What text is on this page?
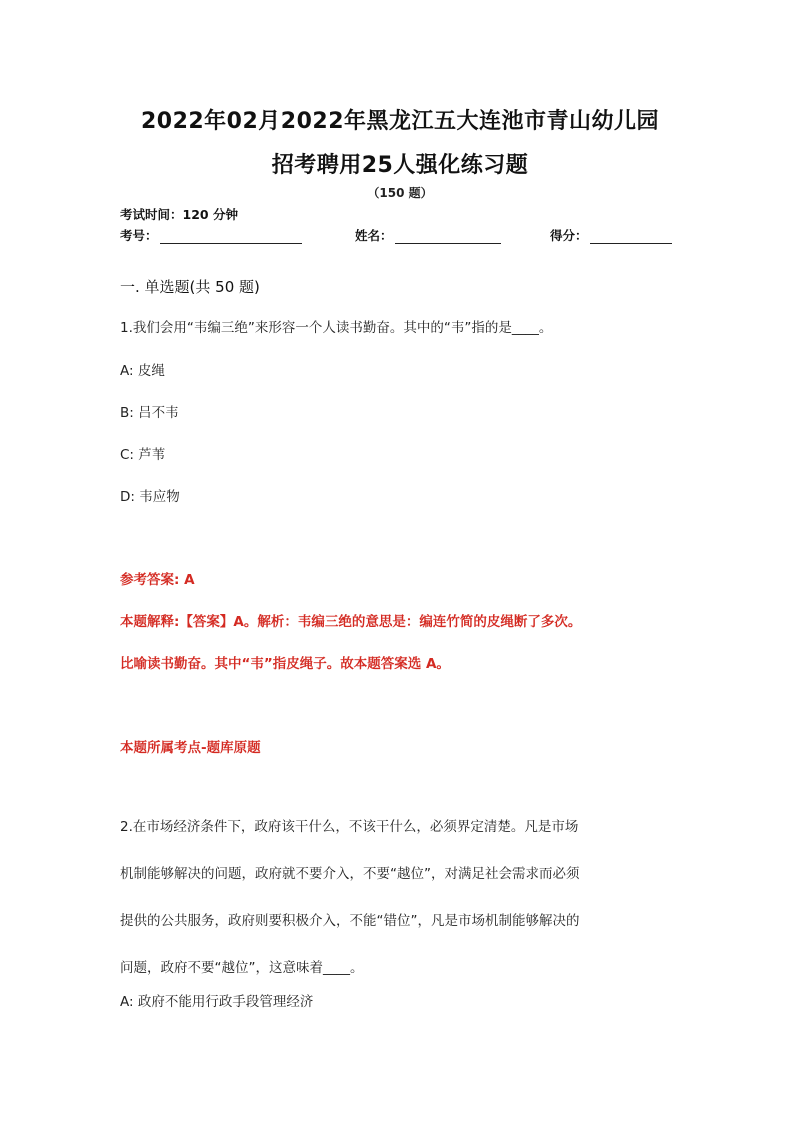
2022年02月2022年黑龙江五大连池市青山幼儿园
招考聘用25人强化练习题
（150 题）
考试时间：120 分钟
考号：	姓名：	得分：
一. 单选题(共 50 题)
1.我们会用“韦编三绝”来形容一个人读书勤奋。其中的“韦”指的是____。
A: 皮绳
B: 吕不韦
C: 芦苇
D: 韦应物
参考答案: A
本题解释:【答案】A。解析：韦编三绝的意思是：编连竹简的皮绳断了多次。
比喻读书勤奋。其中“韦”指皮绳子。故本题答案选 A。
本题所属考点-题库原题
2.在市场经济条件下，政府该干什么，不该干什么，必须界定清楚。凡是市场
机制能够解决的问题，政府就不要介入，不要“越位”，对满足社会需求而必须
提供的公共服务，政府则要积极介入，不能“错位”，凡是市场机制能够解决的
问题，政府不要“越位”，这意味着____。
A: 政府不能用行政手段管理经济
